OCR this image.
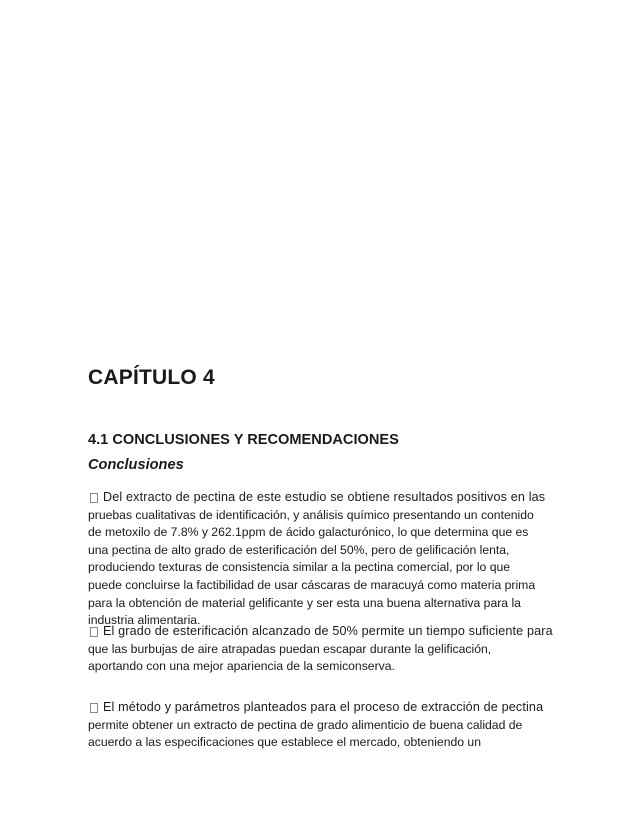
CAPÍTULO 4
4.1 CONCLUSIONES Y RECOMENDACIONES
Conclusiones
Del extracto de pectina de este estudio se obtiene resultados positivos en las
pruebas cualitativas de identificación, y análisis químico presentando un contenido
de metoxilo de 7.8% y 262.1ppm de ácido galacturónico, lo que determina que es
una pectina de alto grado de esterificación del 50%, pero de gelificación lenta,
produciendo texturas de consistencia similar a la pectina comercial, por lo que
puede concluirse la factibilidad de usar cáscaras de maracuyá como materia prima
para la obtención de material gelificante y ser esta una buena alternativa para la
industria alimentaria.
El grado de esterificación alcanzado de 50% permite un tiempo suficiente para
que las burbujas de aire atrapadas puedan escapar durante la gelificación,
aportando con una mejor apariencia de la semiconserva.
El método y parámetros planteados para el proceso de extracción de pectina
permite obtener un extracto de pectina de grado alimenticio de buena calidad de
acuerdo a las especificaciones que establece el mercado, obteniendo un
